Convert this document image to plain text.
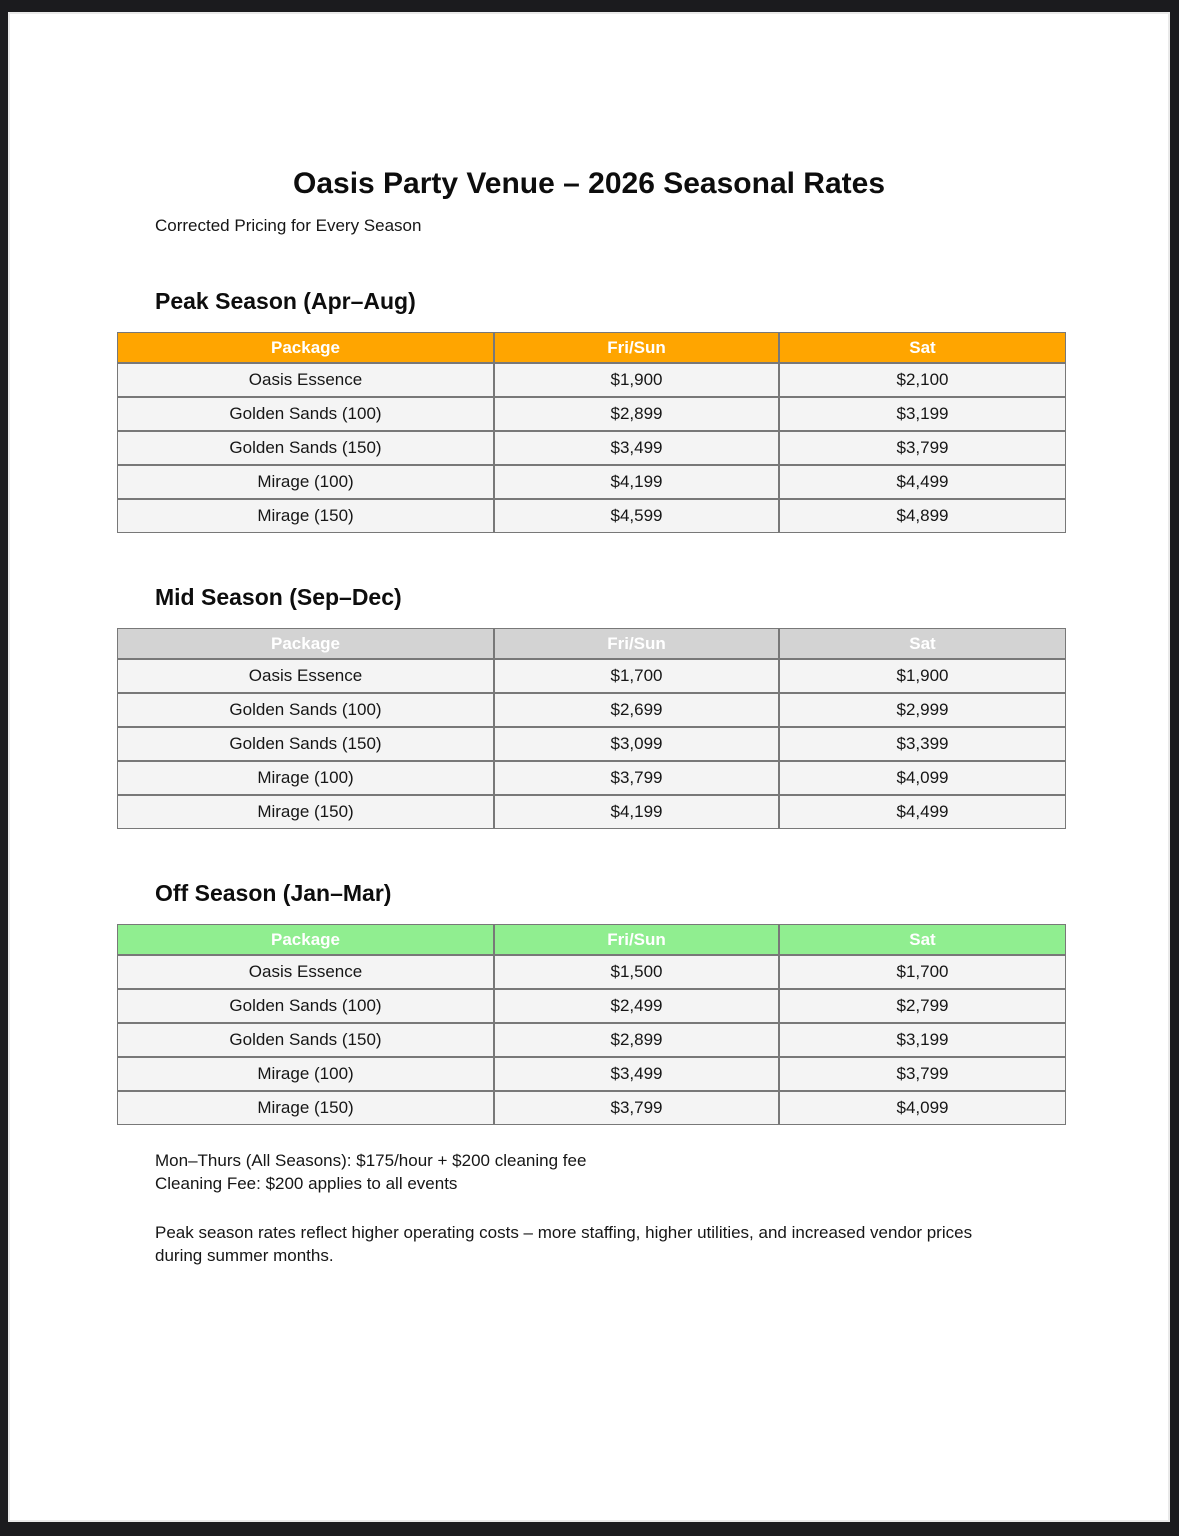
Oasis Party Venue – 2026 Seasonal Rates

Corrected Pricing for Every Season

Peak Season (Apr–Aug)
Package	Fri/Sun	Sat
Oasis Essence	$1,900	$2,100
Golden Sands (100)	$2,899	$3,199
Golden Sands (150)	$3,499	$3,799
Mirage (100)	$4,199	$4,499
Mirage (150)	$4,599	$4,899
Mid Season (Sep–Dec)
Package	Fri/Sun	Sat
Oasis Essence	$1,700	$1,900
Golden Sands (100)	$2,699	$2,999
Golden Sands (150)	$3,099	$3,399
Mirage (100)	$3,799	$4,099
Mirage (150)	$4,199	$4,499
Off Season (Jan–Mar)
Package	Fri/Sun	Sat
Oasis Essence	$1,500	$1,700
Golden Sands (100)	$2,499	$2,799
Golden Sands (150)	$2,899	$3,199
Mirage (100)	$3,499	$3,799
Mirage (150)	$3,799	$4,099
Mon–Thurs (All Seasons): $175/hour + $200 cleaning fee
Cleaning Fee: $200 applies to all events

Peak season rates reflect higher operating costs – more staffing, higher utilities, and increased vendor prices during summer months.
